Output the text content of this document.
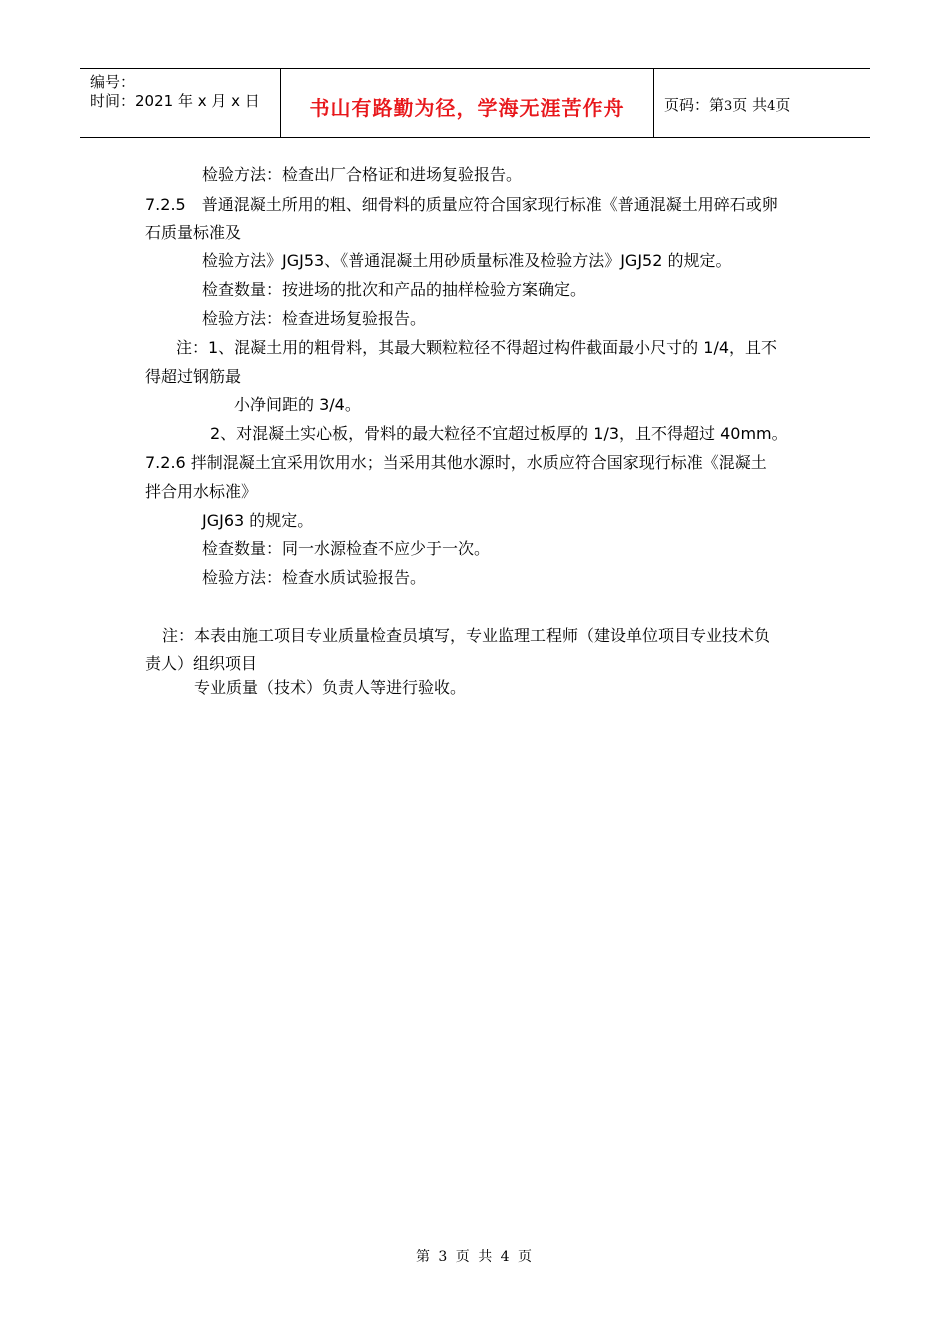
编号：
时间：2021 年 x 月 x 日	书山有路勤为径，学海无涯苦作舟	页码：第3页 共4页
检验方法：检查出厂合格证和进场复验报告。
7.2.5　普通混凝土所用的粗、细骨料的质量应符合国家现行标准《普通混凝土用碎石或卵
石质量标准及
检验方法》JGJ53、《普通混凝土用砂质量标准及检验方法》JGJ52 的规定。
检查数量：按进场的批次和产品的抽样检验方案确定。
检验方法：检查进场复验报告。
注：1、混凝土用的粗骨料，其最大颗粒粒径不得超过构件截面最小尺寸的 1/4，且不
得超过钢筋最
小净间距的 3/4。
2、对混凝土实心板，骨料的最大粒径不宜超过板厚的 1/3，且不得超过 40mm。
7.2.6 拌制混凝土宜采用饮用水；当采用其他水源时，水质应符合国家现行标准《混凝土
拌合用水标准》
JGJ63 的规定。
检查数量：同一水源检查不应少于一次。
检验方法：检查水质试验报告。
注：本表由施工项目专业质量检查员填写，专业监理工程师（建设单位项目专业技术负
责人）组织项目
专业质量（技术）负责人等进行验收。
第 3 页 共 4 页
